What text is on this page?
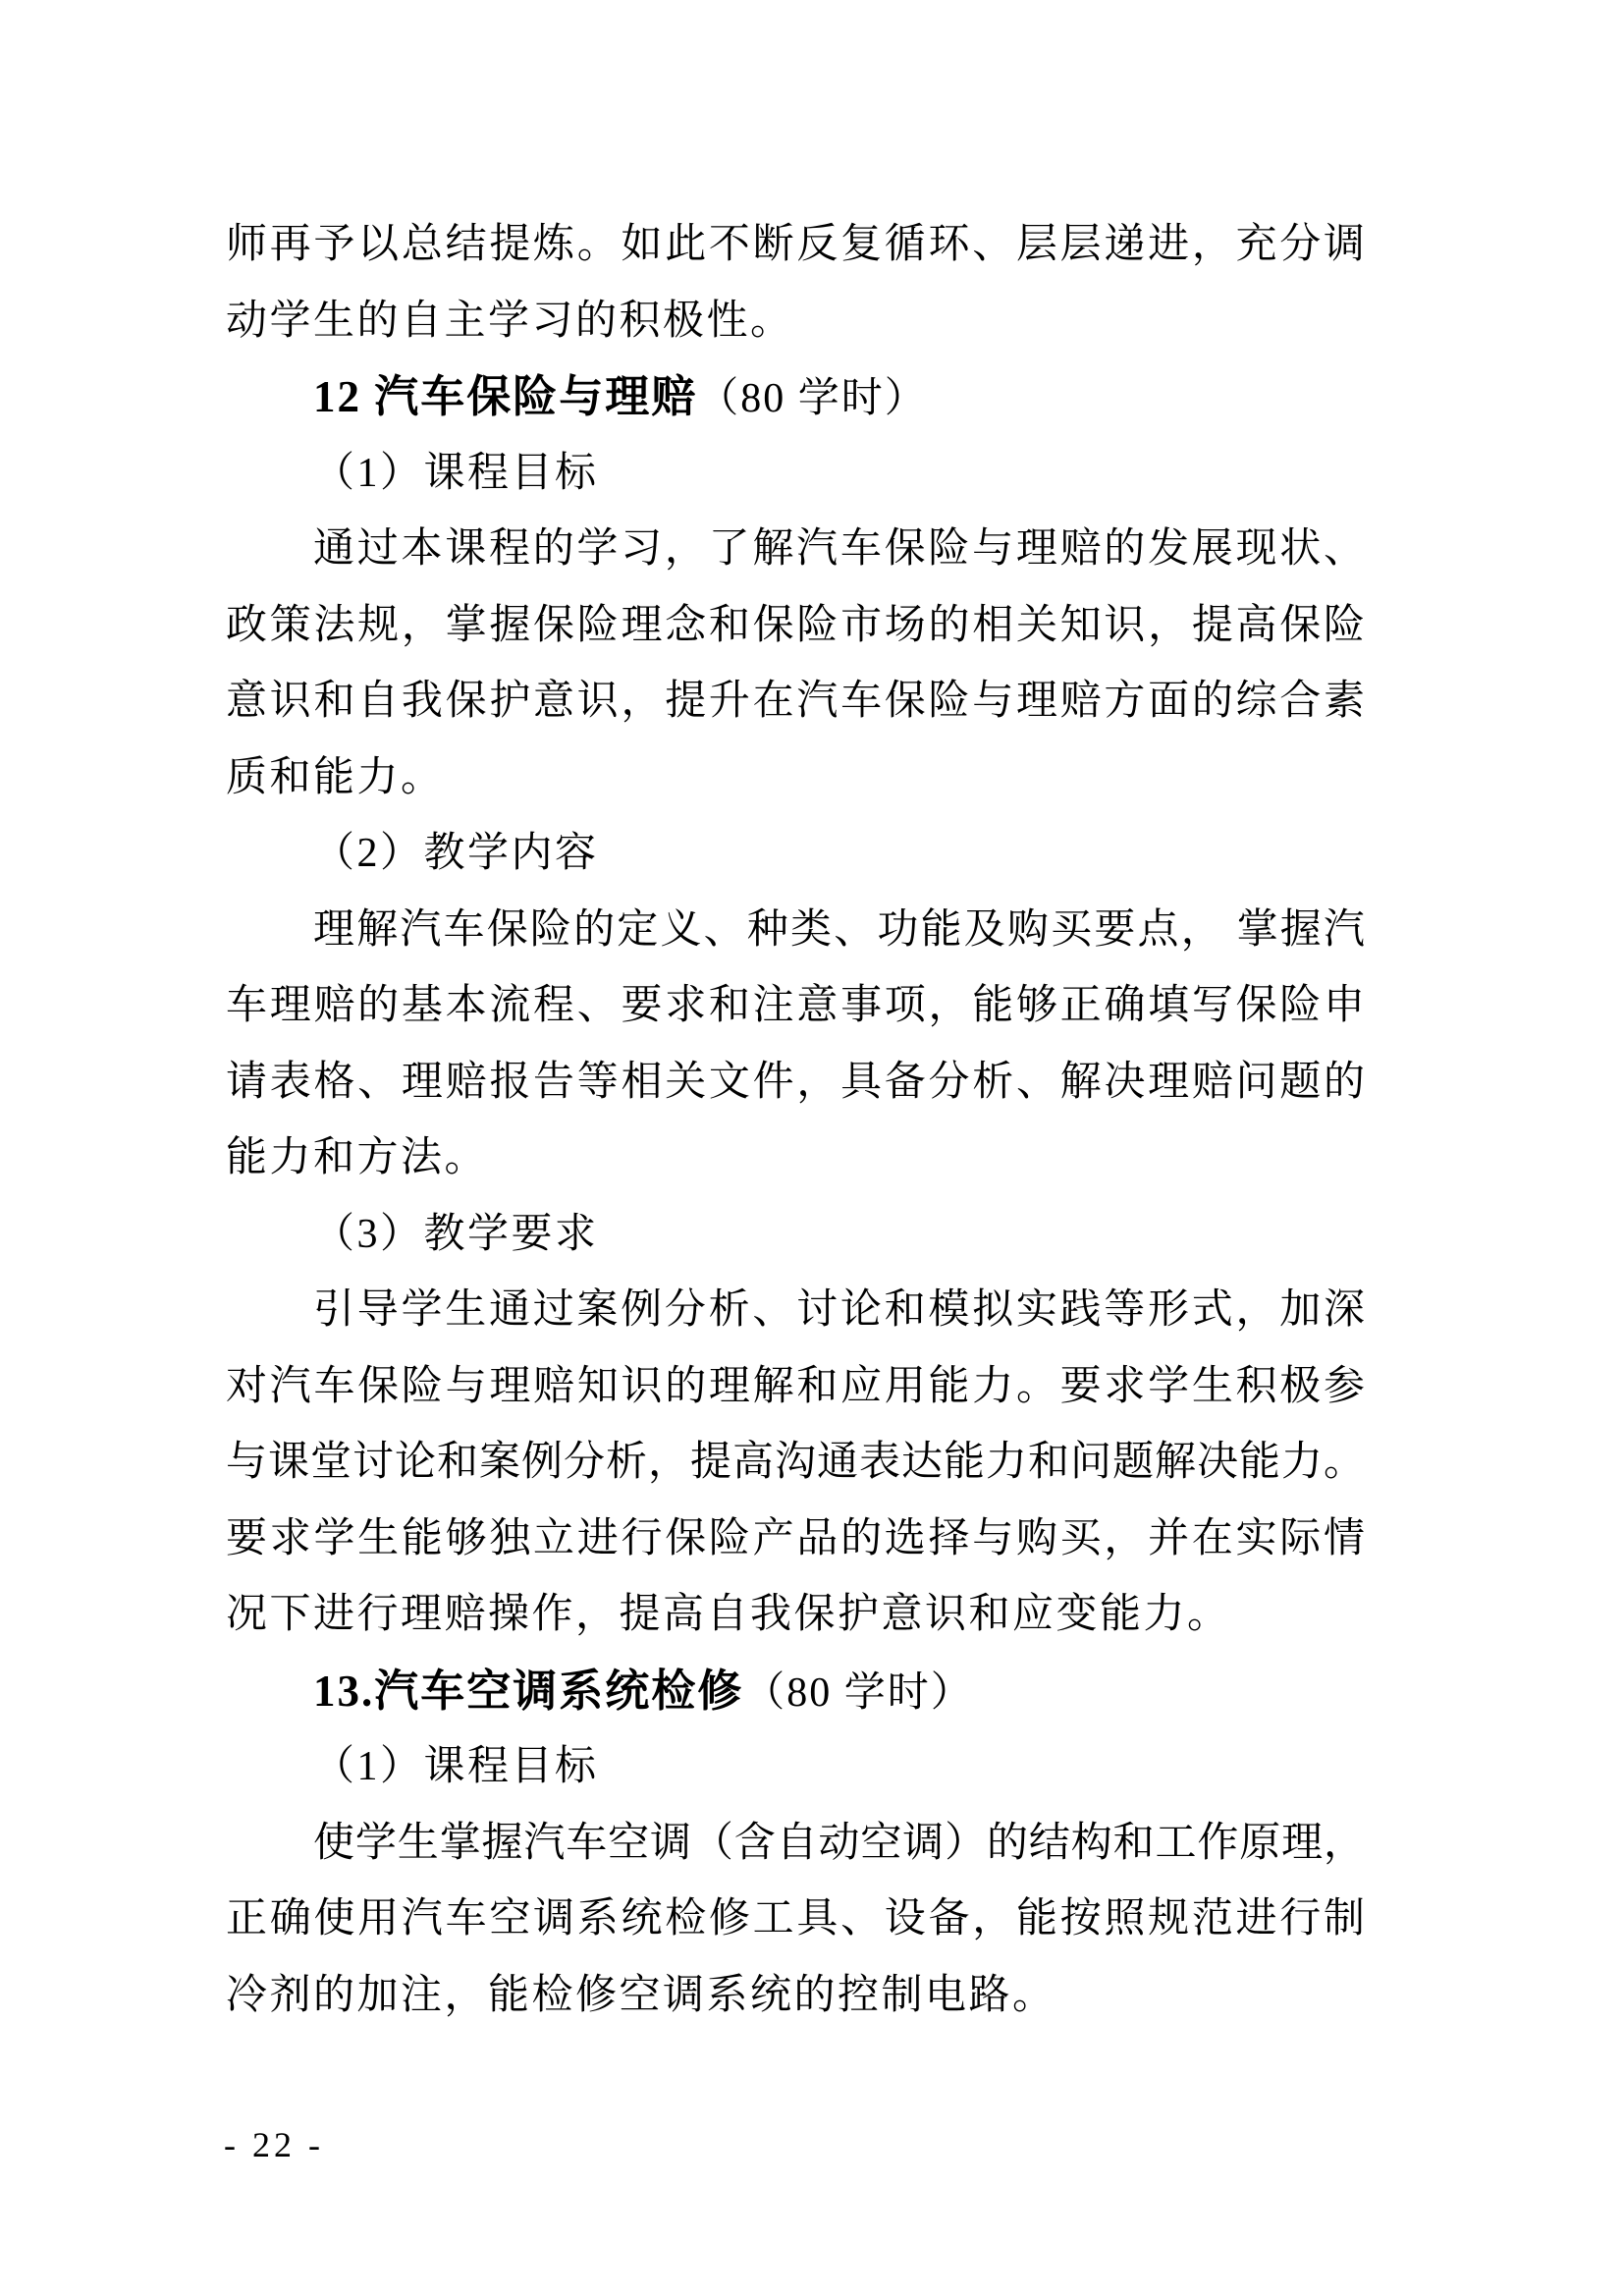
师再予以总结提炼。如此不断反复循环、层层递进，充分调
动学生的自主学习的积极性。
12 汽车保险与理赔（80 学时）
（1）课程目标
通过本课程的学习，了解汽车保险与理赔的发展现状、
政策法规，掌握保险理念和保险市场的相关知识，提高保险
意识和自我保护意识，提升在汽车保险与理赔方面的综合素
质和能力。
（2）教学内容
理解汽车保险的定义、种类、功能及购买要点， 掌握汽
车理赔的基本流程、要求和注意事项，能够正确填写保险申
请表格、理赔报告等相关文件，具备分析、解决理赔问题的
能力和方法。
（3）教学要求
引导学生通过案例分析、讨论和模拟实践等形式，加深
对汽车保险与理赔知识的理解和应用能力。要求学生积极参
与课堂讨论和案例分析，提高沟通表达能力和问题解决能力。
要求学生能够独立进行保险产品的选择与购买，并在实际情
况下进行理赔操作，提高自我保护意识和应变能力。
13.汽车空调系统检修（80 学时）
（1）课程目标
使学生掌握汽车空调（含自动空调）的结构和工作原理，
正确使用汽车空调系统检修工具、设备，能按照规范进行制
冷剂的加注，能检修空调系统的控制电路。
- 22 -
